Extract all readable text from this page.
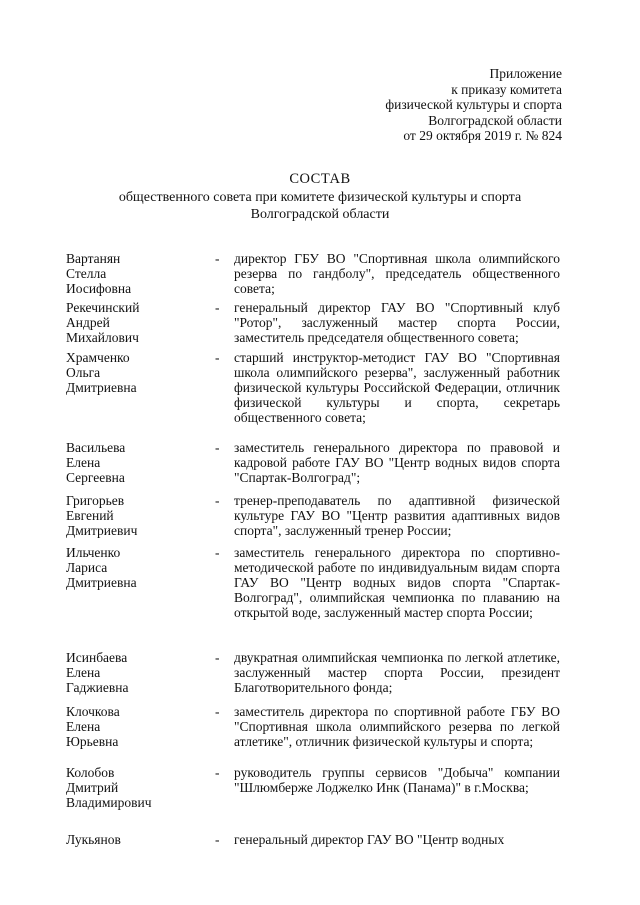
Приложение
к приказу комитета
физической культуры и спорта
Волгоградской области
от 29 октября 2019 г. № 824
СОСТАВ
общественного совета при комитете физической культуры и спорта Волгоградской области
Вартанян
Стелла
Иосифовна
- директор ГБУ ВО "Спортивная школа олимпийского резерва по гандболу", председатель общественного совета;
Рекечинский
Андрей
Михайлович
- генеральный директор ГАУ ВО "Спортивный клуб "Ротор", заслуженный мастер спорта России, заместитель председателя общественного совета;
Храмченко
Ольга
Дмитриевна
- старший инструктор-методист ГАУ ВО "Спортивная школа олимпийского резерва", заслуженный работник физической культуры Российской Федерации, отличник физической культуры и спорта, секретарь общественного совета;
Васильева
Елена
Сергеевна
- заместитель генерального директора по правовой и кадровой работе ГАУ ВО "Центр водных видов спорта "Спартак-Волгоград";
Григорьев
Евгений
Дмитриевич
- тренер-преподаватель по адаптивной физической культуре ГАУ ВО "Центр развития адаптивных видов спорта", заслуженный тренер России;
Ильченко
Лариса
Дмитриевна
- заместитель генерального директора по спортивно-методической работе по индивидуальным видам спорта ГАУ ВО "Центр водных видов спорта "Спартак-Волгоград", олимпийская чемпионка по плаванию на открытой воде, заслуженный мастер спорта России;
Исинбаева
Елена
Гаджиевна
- двукратная олимпийская чемпионка по легкой атлетике, заслуженный мастер спорта России, президент Благотворительного фонда;
Клочкова
Елена
Юрьевна
- заместитель директора по спортивной работе ГБУ ВО "Спортивная школа олимпийского резерва по легкой атлетике", отличник физической культуры и спорта;
Колобов
Дмитрий
Владимирович
- руководитель группы сервисов "Добыча" компании "Шлюмберже Лоджелко Инк (Панама)" в г.Москва;
Лукьянов	- генеральный директор ГАУ ВО "Центр водных
